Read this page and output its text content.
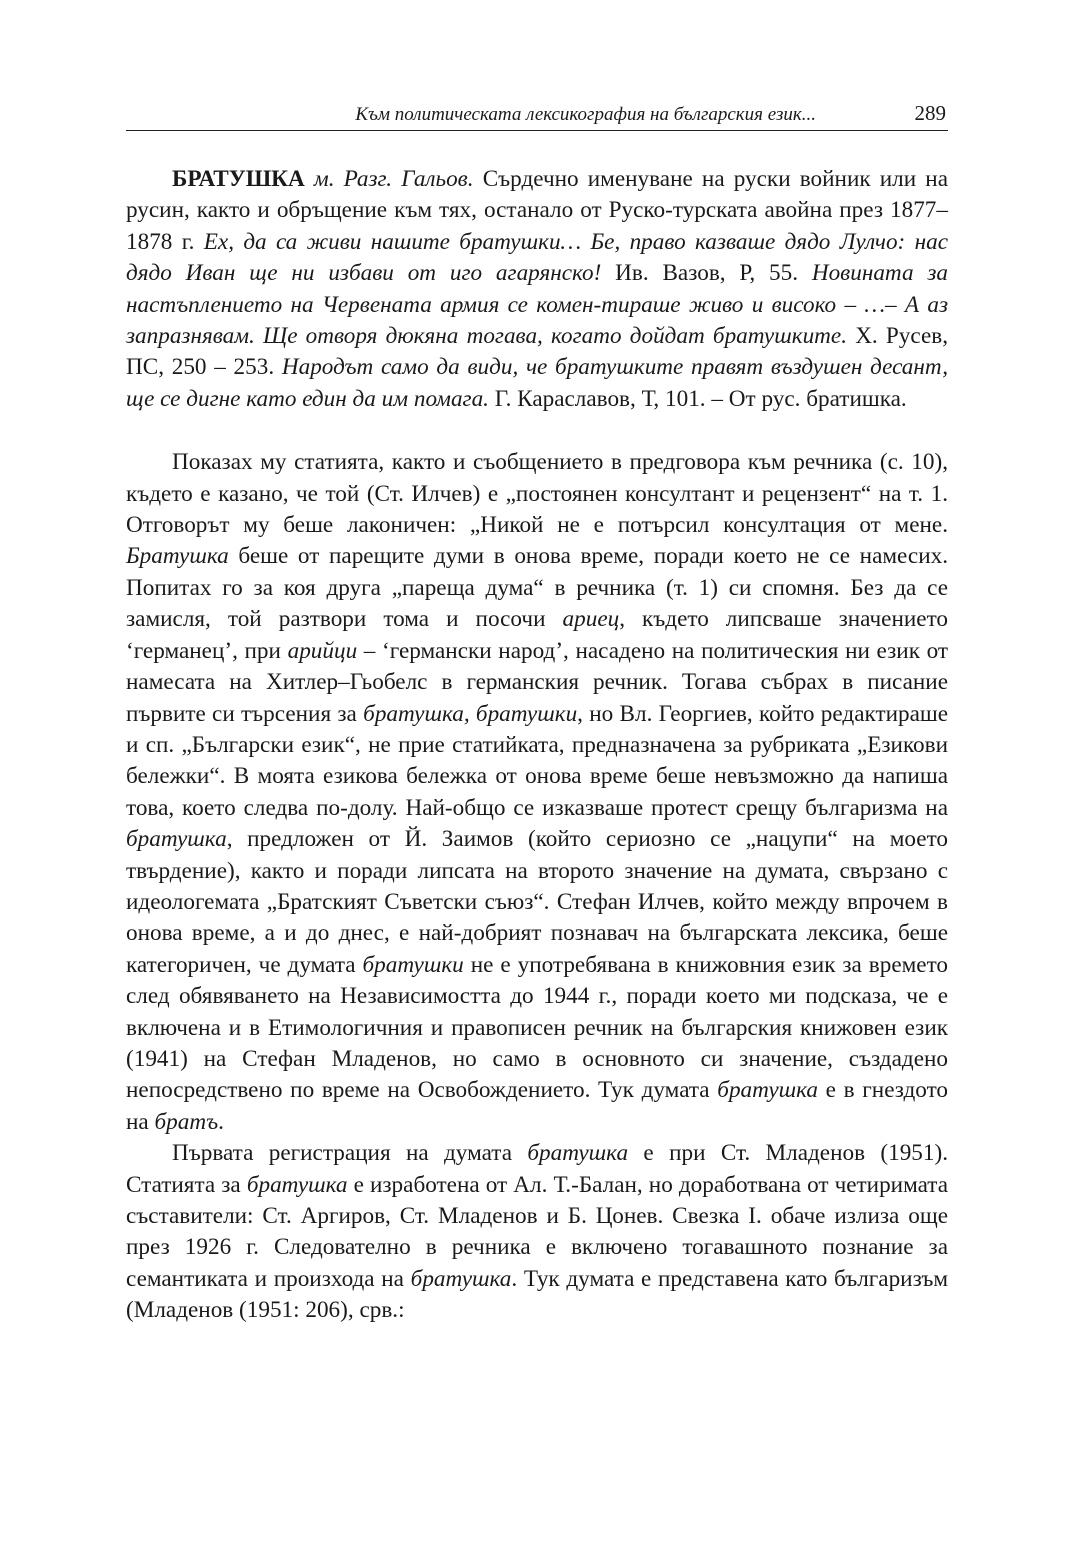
Към политическата лексикография на българския език...	289

БРАТУШКА м. Разг. Гальов. Сърдечно именуване на руски войник или на русин, както и обръщение към тях, останало от Руско-турската авойна през 1877–1878 г. Ех, да са живи нашите братушки… Бе, право казваше дядо Лулчо: нас дядо Иван ще ни избави от иго агарянско! Ив. Вазов, Р, 55. Новината за настъплението на Червената армия се комен-тираше живо и високо – …– А аз запразнявам. Ще отворя дюкяна тогава, когато дойдат братушките. Х. Русев, ПС, 250 – 253. Народът само да види, че братушките правят въздушен десант, ще се дигне като един да им помага. Г. Караславов, Т, 101. – От рус. братишка.

Показах му статията, както и съобщението в предговора към речника (с. 10), където е казано, че той (Ст. Илчев) е „постоянен консултант и рецензент“ на т. 1. Отговорът му беше лаконичен: „Никой не е потърсил консултация от мене. Братушка беше от парещите думи в онова време, поради което не се намесих. Попитах го за коя друга „пареща дума“ в речника (т. 1) си спомня. Без да се замисля, той разтвори тома и посочи ариец, където липсваше значението ‘германец’, при арийци – ‘германски народ’, насадено на политическия ни език от намесата на Хитлер–Гьобелс в германския речник. Тогава събрах в писание първите си търсения за братушка, братушки, но Вл. Георгиев, който редактираше и сп. „Български език“, не прие статийката, предназначена за рубриката „Езикови бележки“. В моята езикова бележка от онова време беше невъзможно да напиша това, което следва по-долу. Най-общо се изказваше протест срещу българизма на братушка, предложен от Й. Заимов (който сериозно се „нацупи“ на моето твърдение), както и поради липсата на второто значение на думата, свързано с идеологемата „Братският Съветски съюз“. Стефан Илчев, който между впрочем в онова време, а и до днес, е най-добрият познавач на българската лексика, беше категоричен, че думата братушки не е употребявана в книжовния език за времето след обявяването на Независимостта до 1944 г., поради което ми подсказа, че е включена и в Етимологичния и правописен речник на българския книжовен език (1941) на Стефан Младенов, но само в основното си значение, създадено непосредствено по време на Освобождението. Тук думата братушка е в гнездото на братъ.

Първата регистрация на думата братушка е при Ст. Младенов (1951). Статията за братушка е изработена от Ал. Т.-Балан, но доработвана от четиримата съставители: Ст. Аргиров, Ст. Младенов и Б. Цонев. Свезка I. обаче излиза още през 1926 г. Следователно в речника е включено тогавашното познание за семантиката и произхода на братушка. Тук думата е представена като българизъм (Младенов (1951: 206), срв.:
